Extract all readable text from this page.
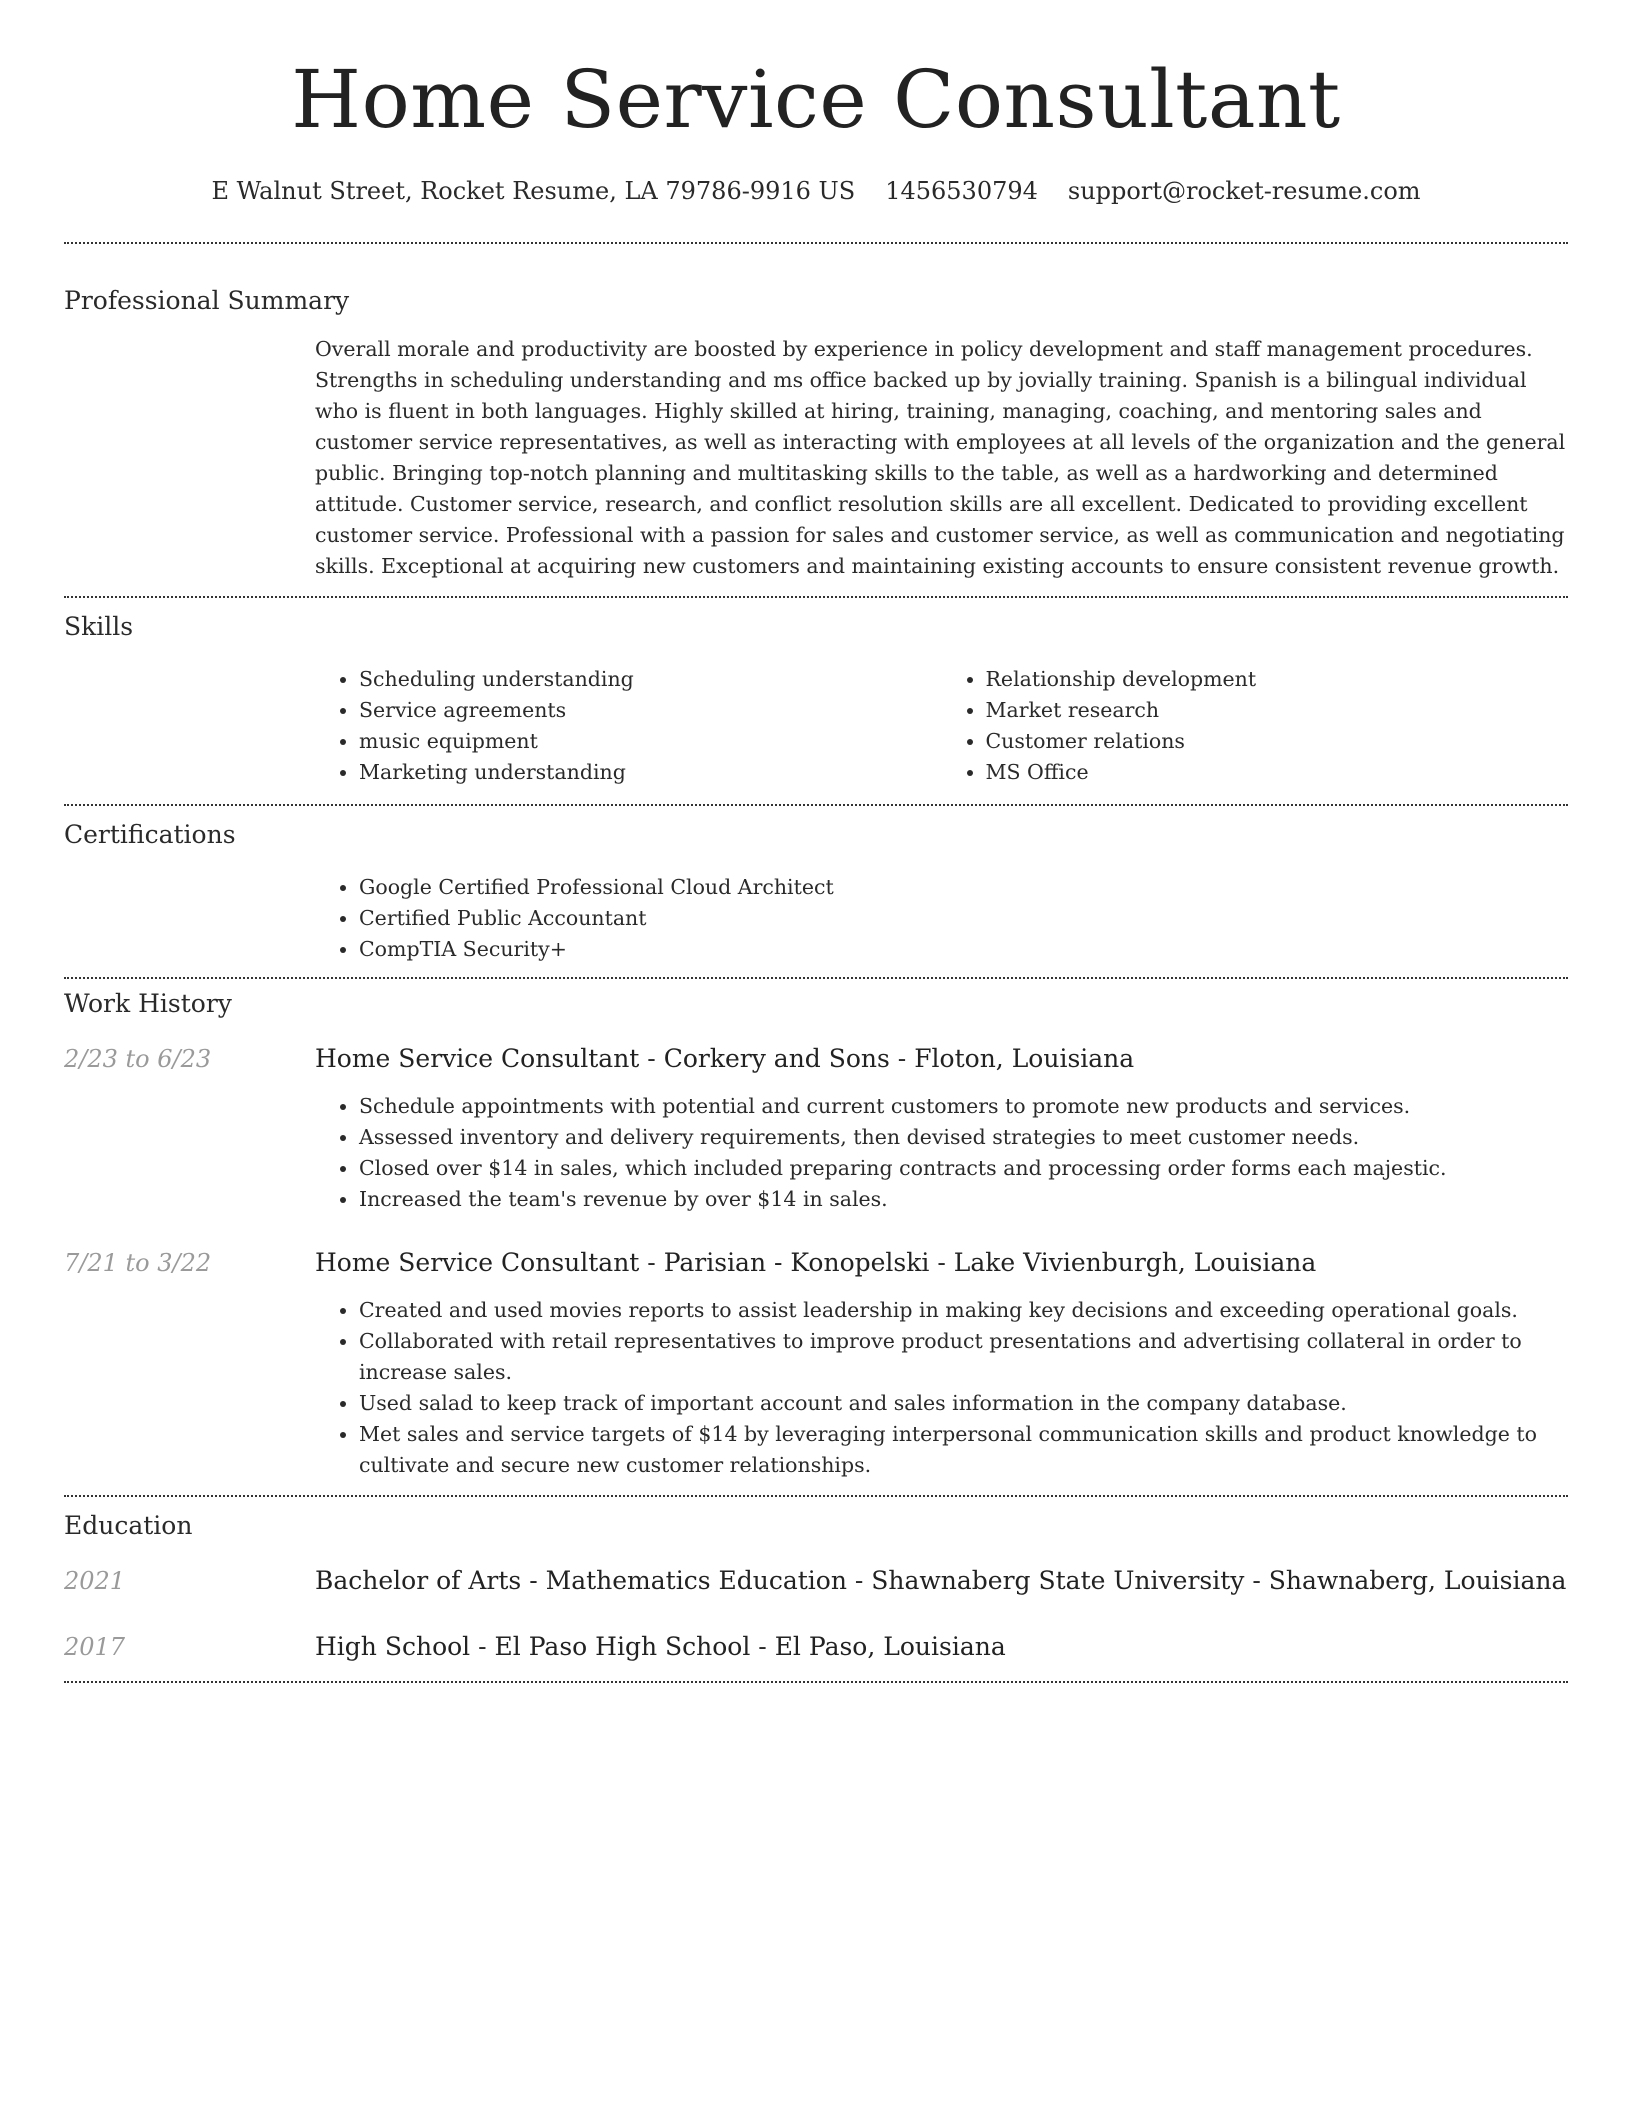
Home Service Consultant
E Walnut Street, Rocket Resume, LA 79786-9916 US 1456530794 support@rocket-resume.com
Professional Summary
Overall morale and productivity are boosted by experience in policy development and staff management procedures. Strengths in scheduling understanding and ms office backed up by jovially training. Spanish is a bilingual individual who is fluent in both languages. Highly skilled at hiring, training, managing, coaching, and mentoring sales and customer service representatives, as well as interacting with employees at all levels of the organization and the general public. Bringing top-notch planning and multitasking skills to the table, as well as a hardworking and determined attitude. Customer service, research, and conflict resolution skills are all excellent. Dedicated to providing excellent customer service. Professional with a passion for sales and customer service, as well as communication and negotiating skills. Exceptional at acquiring new customers and maintaining existing accounts to ensure consistent revenue growth.
Skills
• Scheduling understanding
• Service agreements
• music equipment
• Marketing understanding
• Relationship development
• Market research
• Customer relations
• MS Office
Certifications
• Google Certified Professional Cloud Architect
• Certified Public Accountant
• CompTIA Security+
Work History
2/23 to 6/23	Home Service Consultant - Corkery and Sons - Floton, Louisiana
• Schedule appointments with potential and current customers to promote new products and services.
• Assessed inventory and delivery requirements, then devised strategies to meet customer needs.
• Closed over $14 in sales, which included preparing contracts and processing order forms each majestic.
• Increased the team's revenue by over $14 in sales.
7/21 to 3/22	Home Service Consultant - Parisian - Konopelski - Lake Vivienburgh, Louisiana
• Created and used movies reports to assist leadership in making key decisions and exceeding operational goals.
• Collaborated with retail representatives to improve product presentations and advertising collateral in order to increase sales.
• Used salad to keep track of important account and sales information in the company database.
• Met sales and service targets of $14 by leveraging interpersonal communication skills and product knowledge to cultivate and secure new customer relationships.
Education
2021	Bachelor of Arts - Mathematics Education - Shawnaberg State University - Shawnaberg, Louisiana
2017	High School - El Paso High School - El Paso, Louisiana
